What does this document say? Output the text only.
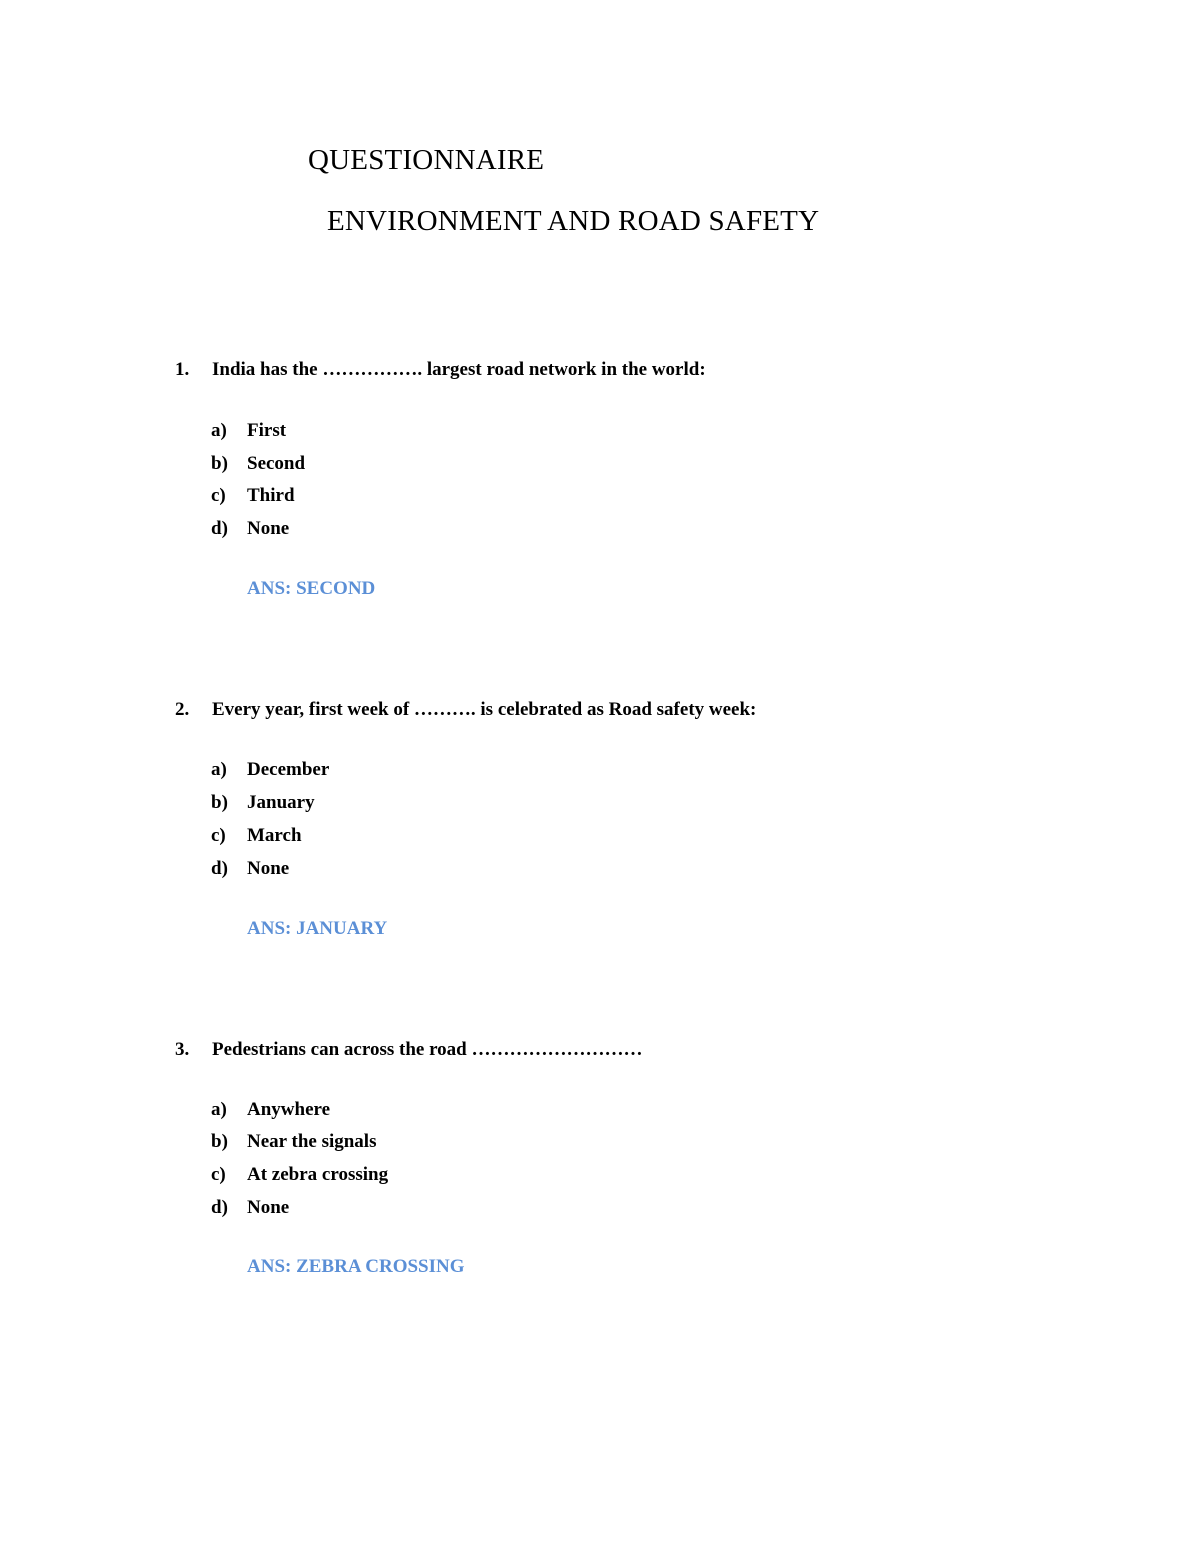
QUESTIONNAIRE
ENVIRONMENT AND ROAD SAFETY
1. India has the ……………. largest road network in the world:
a) First
b) Second
c) Third
d) None
ANS: SECOND
2. Every year, first week of ………. is celebrated as Road safety week:
a) December
b) January
c) March
d) None
ANS: JANUARY
3. Pedestrians can across the road ………………………
a) Anywhere
b) Near the signals
c) At zebra crossing
d) None
ANS: ZEBRA CROSSING
